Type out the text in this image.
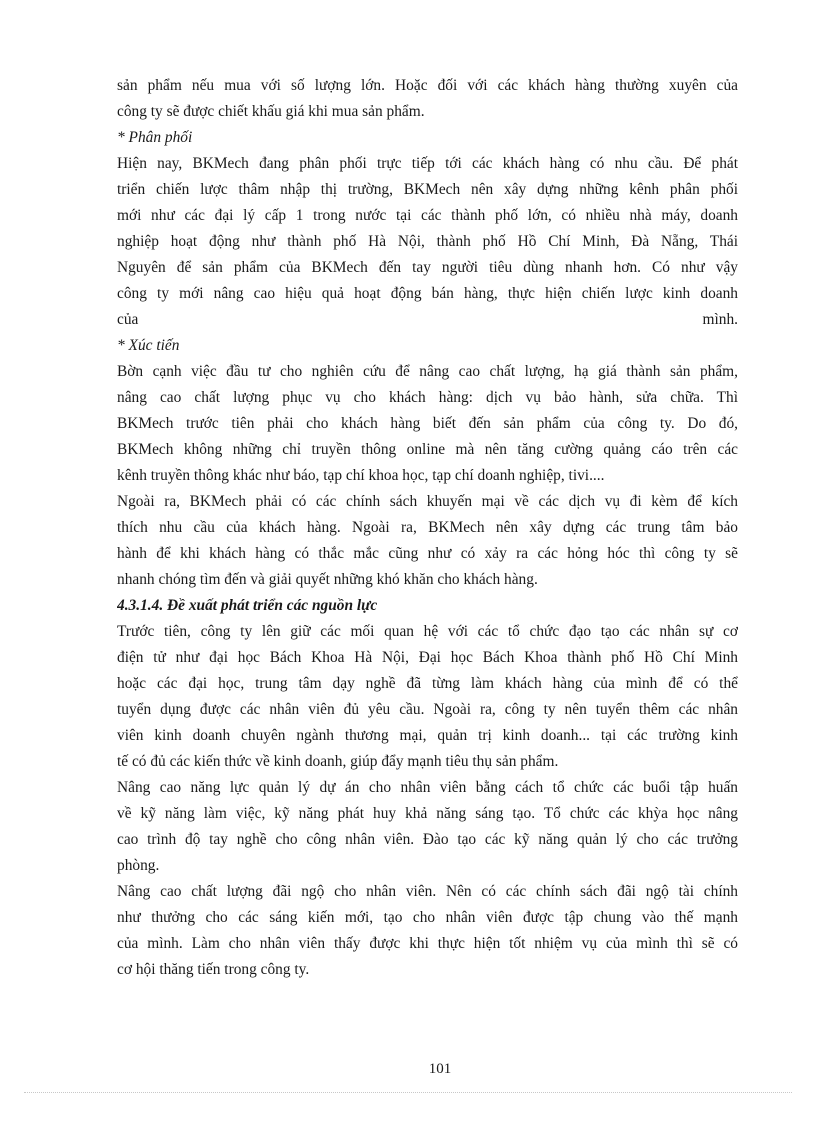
sản phẩm nếu mua với số lượng lớn. Hoặc đối với các khách hàng thường xuyên của
công ty sẽ được chiết khấu giá khi mua sản phẩm.
* Phân phối
Hiện nay, BKMech đang phân phối trực tiếp tới các khách hàng có nhu cầu. Để phát
triển chiến lược thâm nhập thị trường, BKMech nên xây dựng những kênh phân phối
mới như các đại lý cấp 1 trong nước tại các thành phố lớn, có nhiều nhà máy, doanh
nghiệp hoạt động như thành phố Hà Nội, thành phố Hồ Chí Minh, Đà Nẵng, Thái
Nguyên để sản phẩm của BKMech đến tay người tiêu dùng nhanh hơn. Có như vậy
công ty mới nâng cao hiệu quả hoạt động bán hàng, thực hiện chiến lược kinh doanh
của mình.
* Xúc tiến
Bờn cạnh việc đầu tư cho nghiên cứu để nâng cao chất lượng, hạ giá thành sản phẩm,
nâng cao chất lượng phục vụ cho khách hàng: dịch vụ bảo hành, sửa chữa. Thì
BKMech trước tiên phải cho khách hàng biết đến sản phẩm của công ty. Do đó,
BKMech không những chỉ truyền thông online mà nên tăng cường quảng cáo trên các
kênh truyền thông khác như báo, tạp chí khoa học, tạp chí doanh nghiệp, tivi....
Ngoài ra, BKMech phải có các chính sách khuyến mại về các dịch vụ đi kèm để kích
thích nhu cầu của khách hàng. Ngoài ra, BKMech nên xây dựng các trung tâm bảo
hành để khi khách hàng có thắc mắc cũng như có xảy ra các hỏng hóc thì công ty sẽ
nhanh chóng tìm đến và giải quyết những khó khăn cho khách hàng.
4.3.1.4. Đề xuất phát triển các nguồn lực
Trước tiên, công ty lên giữ các mối quan hệ với các tổ chức đạo tạo các nhân sự cơ
điện tử như đại học Bách Khoa Hà Nội, Đại học Bách Khoa thành phố Hồ Chí Minh
hoặc các đại học, trung tâm dạy nghề đã từng làm khách hàng của mình để có thể
tuyển dụng được các nhân viên đủ yêu cầu. Ngoài ra, công ty nên tuyển thêm các nhân
viên kinh doanh chuyên ngành thương mại, quản trị kinh doanh... tại các trường kinh
tế có đủ các kiến thức về kinh doanh, giúp đẩy mạnh tiêu thụ sản phẩm.
Nâng cao năng lực quản lý dự án cho nhân viên bằng cách tổ chức các buổi tập huấn
về kỹ năng làm việc, kỹ năng phát huy khả năng sáng tạo. Tổ chức các khỳa học nâng
cao trình độ tay nghề cho công nhân viên. Đào tạo các kỹ năng quản lý cho các trưởng
phòng.
Nâng cao chất lượng đãi ngộ cho nhân viên. Nên có các chính sách đãi ngộ tài chính
như thưởng cho các sáng kiến mới, tạo cho nhân viên được tập chung vào thế mạnh
của mình. Làm cho nhân viên thấy được khi thực hiện tốt nhiệm vụ của mình thì sẽ có
cơ hội thăng tiến trong công ty.
101
